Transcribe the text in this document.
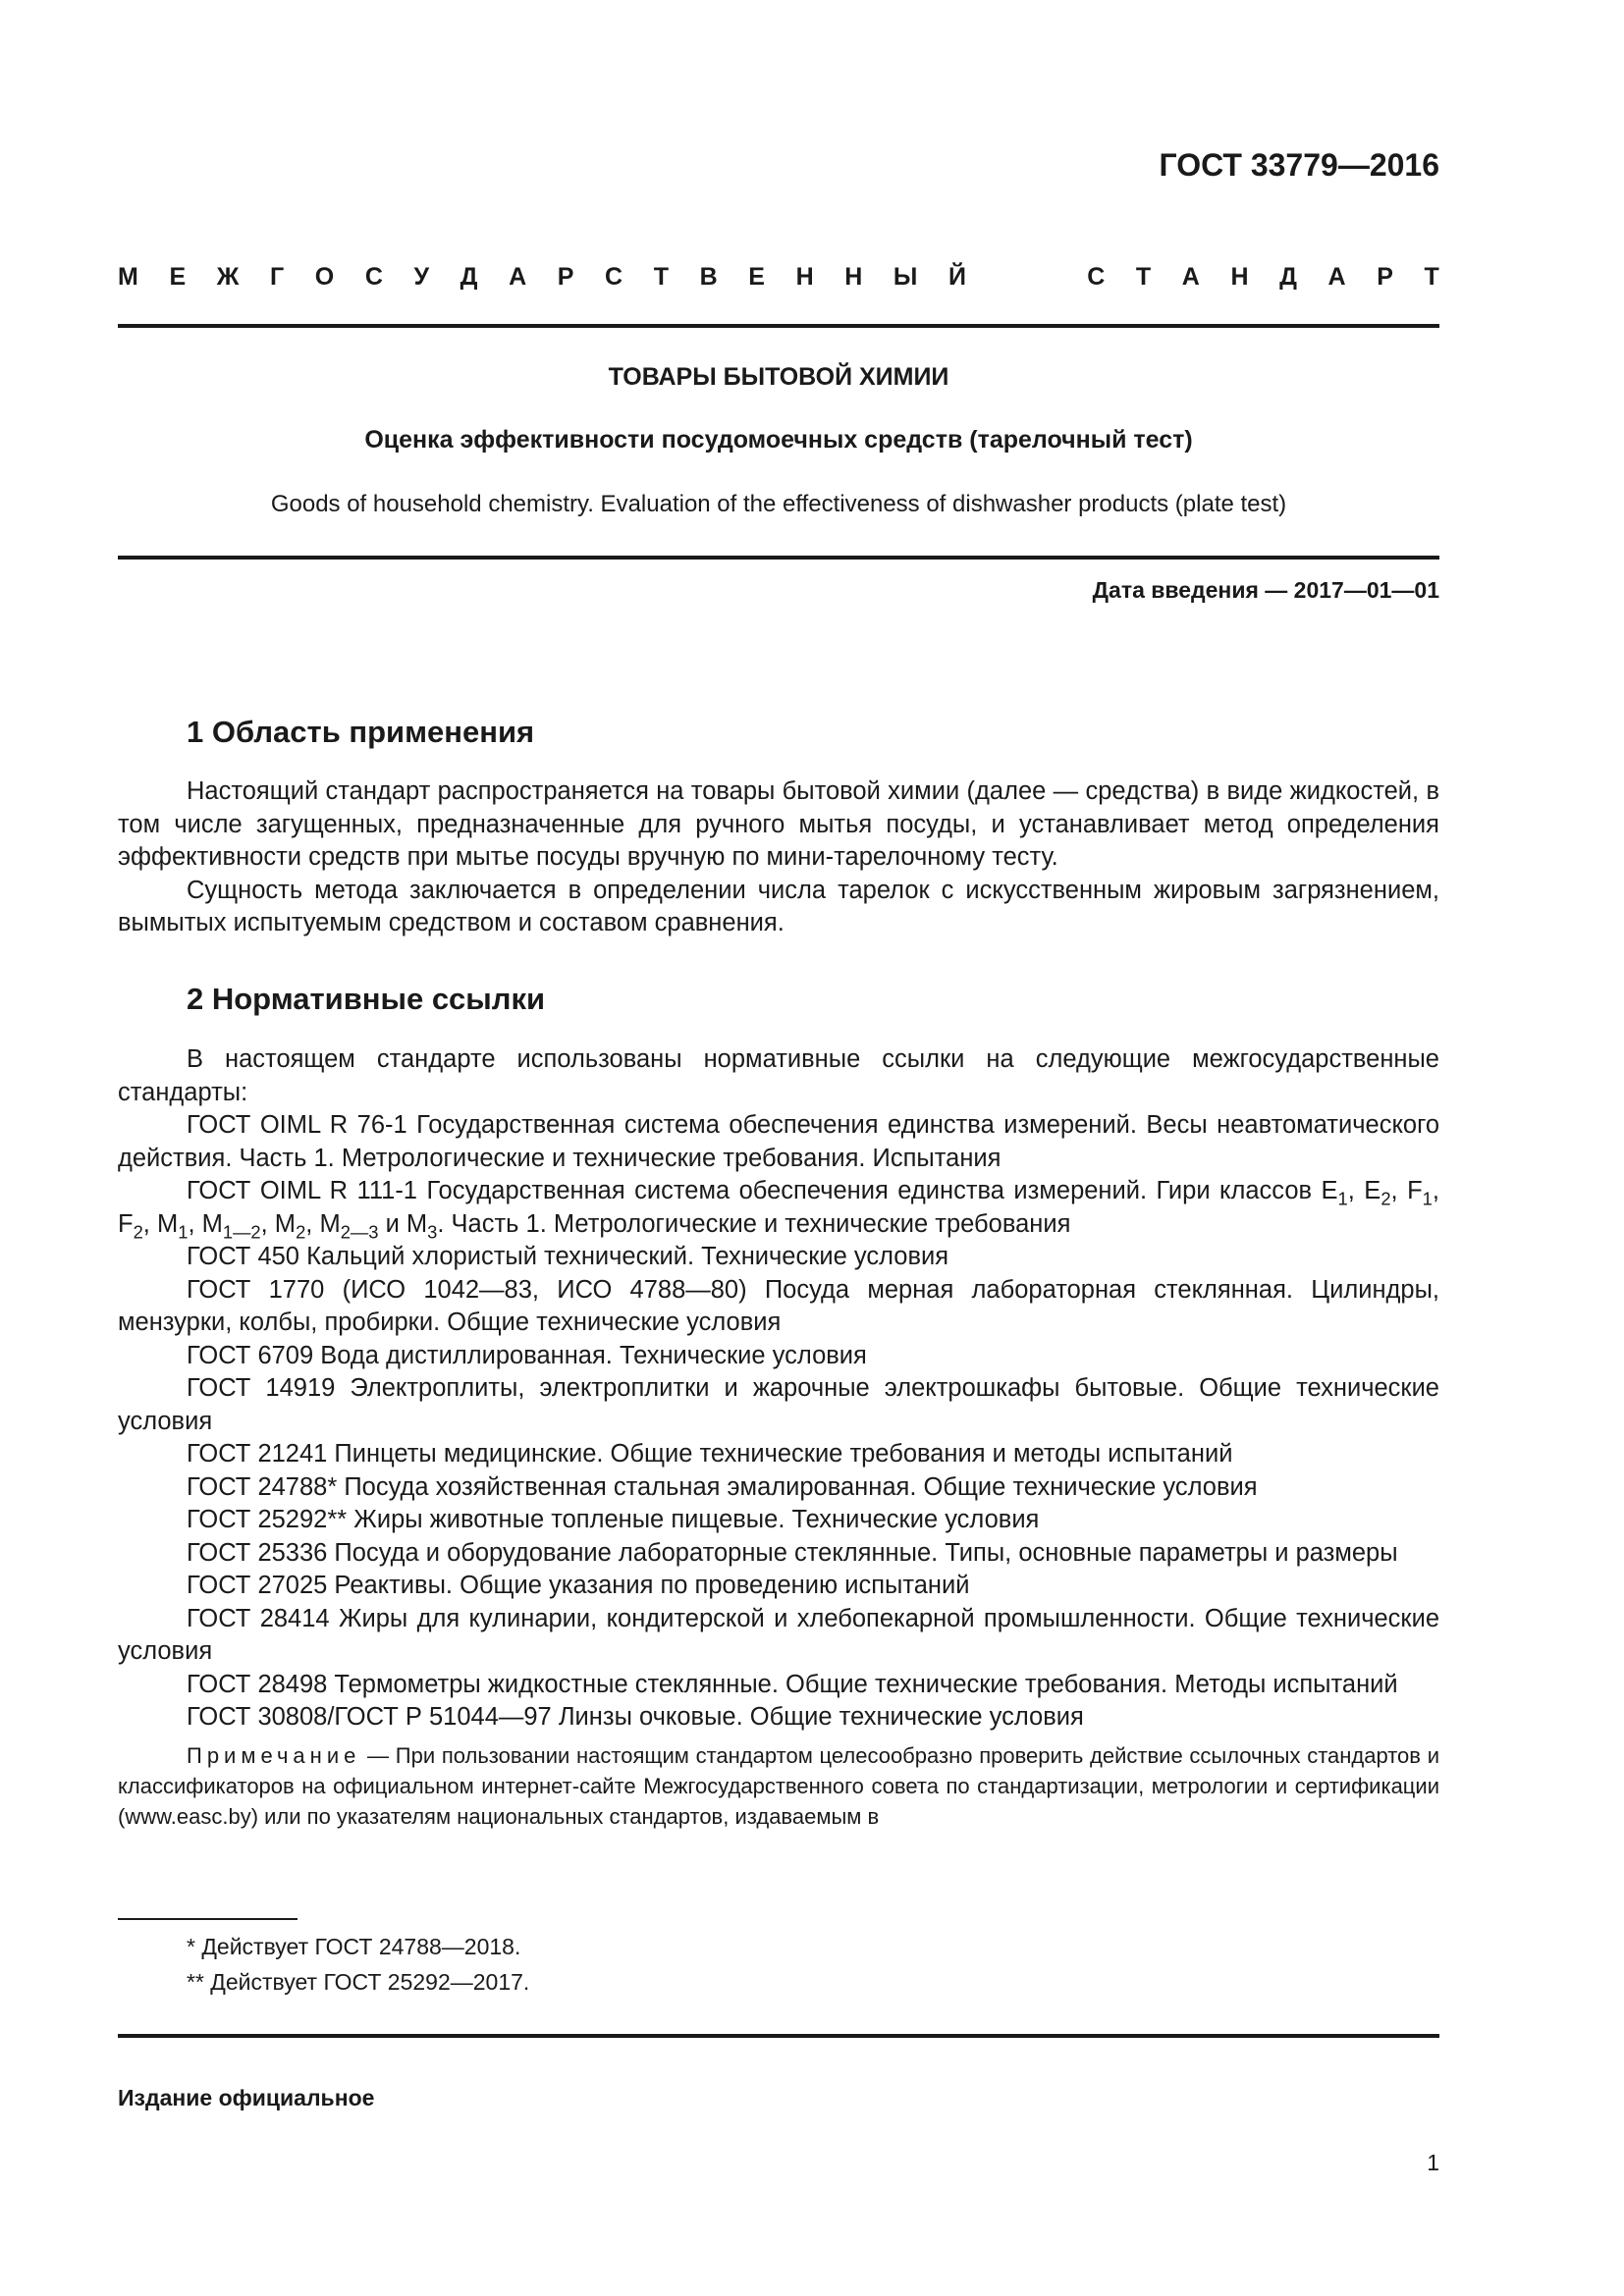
ГОСТ 33779—2016
М Е Ж Г О С У Д А Р С Т В Е Н Н Ы Й	С Т А Н Д А Р Т
ТОВАРЫ БЫТОВОЙ ХИМИИ
Оценка эффективности посудомоечных средств (тарелочный тест)
Goods of household chemistry. Evaluation of the effectiveness of dishwasher products (plate test)
Дата введения — 2017—01—01
1 Область применения

Настоящий стандарт распространяется на товары бытовой химии (далее — средства) в виде жидкостей, в том числе загущенных, предназначенные для ручного мытья посуды, и устанавливает метод определения эффективности средств при мытье посуды вручную по мини-тарелочному тесту.

Сущность метода заключается в определении числа тарелок с искусственным жировым загрязнением, вымытых испытуемым средством и составом сравнения.

2 Нормативные ссылки

В настоящем стандарте использованы нормативные ссылки на следующие межгосударственные стандарты:

ГОСТ OIML R 76-1 Государственная система обеспечения единства измерений. Весы неавтоматического действия. Часть 1. Метрологические и технические требования. Испытания

ГОСТ OIML R 111-1 Государственная система обеспечения единства измерений. Гири классов $E_1$, $E_2$, $F_1$, $F_2$, $M_1$, $M_{1—2}$, $M_2$, $M_{2—3}$ и $M_3$. Часть 1. Метрологические и технические требования

ГОСТ 450 Кальций хлористый технический. Технические условия

ГОСТ 1770 (ИСО 1042—83, ИСО 4788—80) Посуда мерная лабораторная стеклянная. Цилиндры, мензурки, колбы, пробирки. Общие технические условия

ГОСТ 6709 Вода дистиллированная. Технические условия

ГОСТ 14919 Электроплиты, электроплитки и жарочные электрошкафы бытовые. Общие технические условия

ГОСТ 21241 Пинцеты медицинские. Общие технические требования и методы испытаний

ГОСТ 24788* Посуда хозяйственная стальная эмалированная. Общие технические условия

ГОСТ 25292** Жиры животные топленые пищевые. Технические условия

ГОСТ 25336 Посуда и оборудование лабораторные стеклянные. Типы, основные параметры и размеры

ГОСТ 27025 Реактивы. Общие указания по проведению испытаний

ГОСТ 28414 Жиры для кулинарии, кондитерской и хлебопекарной промышленности. Общие технические условия

ГОСТ 28498 Термометры жидкостные стеклянные. Общие технические требования. Методы испытаний

ГОСТ 30808/ГОСТ Р 51044—97 Линзы очковые. Общие технические условия

Примечание — При пользовании настоящим стандартом целесообразно проверить действие ссылочных стандартов и классификаторов на официальном интернет-сайте Межгосударственного совета по стандартизации, метрологии и сертификации (www.easc.by) или по указателям национальных стандартов, издаваемым в

* Действует ГОСТ 24788—2018.
** Действует ГОСТ 25292—2017.
Издание официальное
1
